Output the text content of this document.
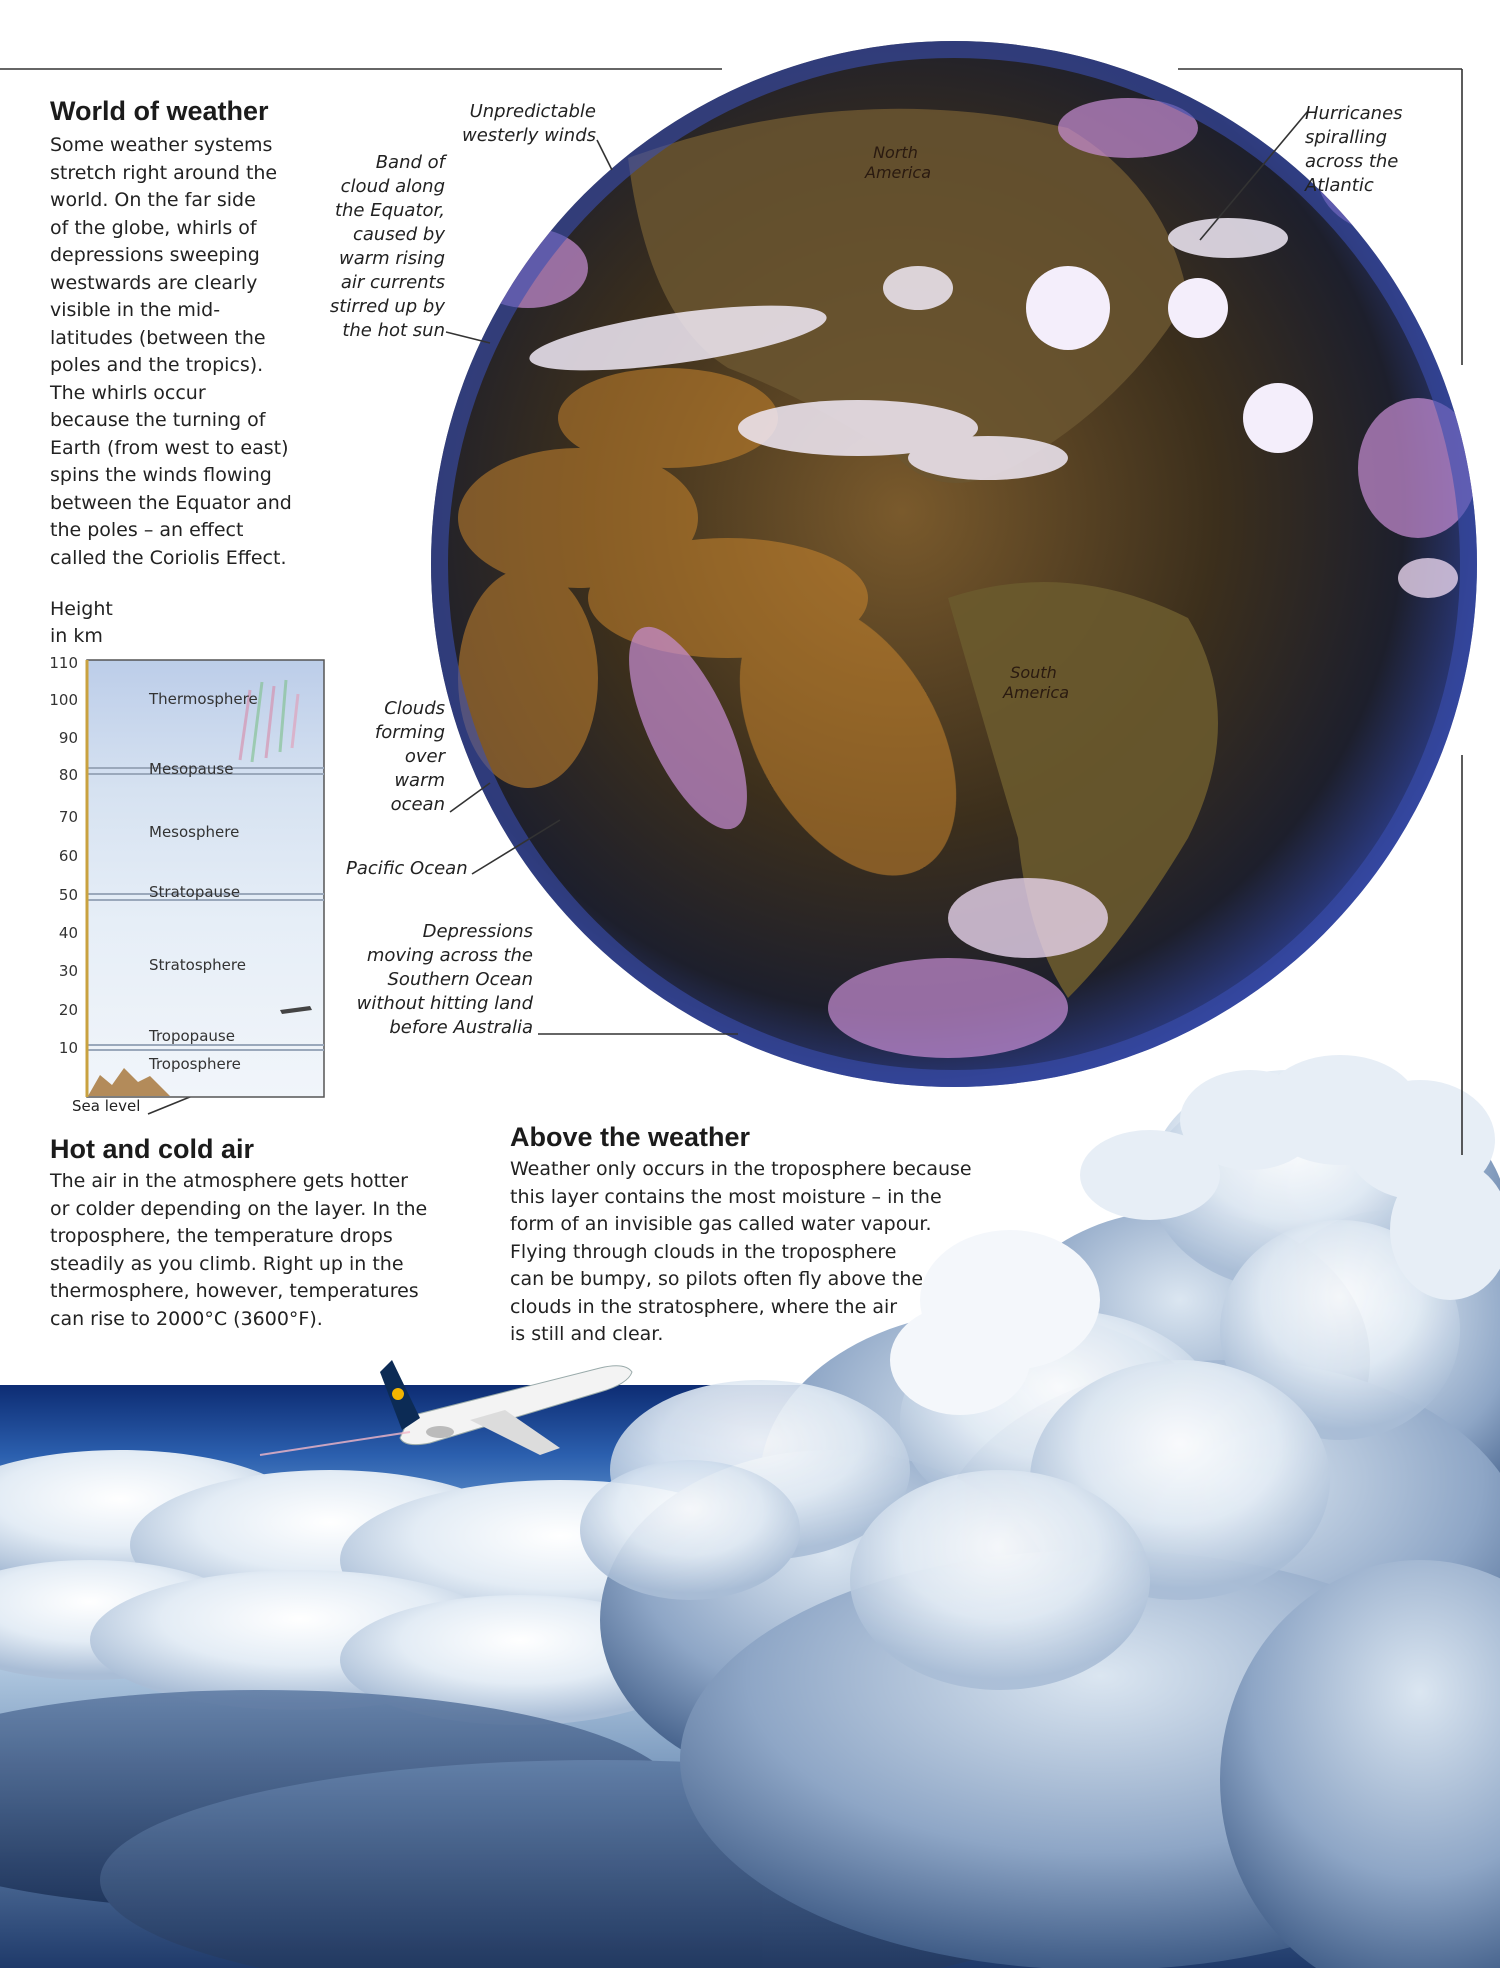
North America
South America
World of weather
Some weather systems
stretch right around the
world. On the far side
of the globe, whirls of
depressions sweeping
westwards are clearly
visible in the mid-
latitudes (between the
poles and the tropics).
The whirls occur
because the turning of
Earth (from west to east)
spins the winds flowing
between the Equator and
the poles – an effect
called the Coriolis Effect.
Unpredictable
westerly winds
Band of
cloud along
the Equator,
caused by
warm rising
air currents
stirred up by
the hot sun
Hurricanes
spiralling
across the
Atlantic
Clouds
forming
over
warm
ocean
Pacific Ocean
Depressions
moving across the
Southern Ocean
without hitting land
before Australia
Height
in km
110
100
90
80
70
60
50
40
30
20
10
Thermosphere
Mesopause
Mesosphere
Stratopause
Stratosphere
Tropopause
Troposphere
Sea level
Hot and cold air
The air in the atmosphere gets hotter
or colder depending on the layer. In the
troposphere, the temperature drops
steadily as you climb. Right up in the
thermosphere, however, temperatures
can rise to 2000°C (3600°F).
Above the weather
Weather only occurs in the troposphere because
this layer contains the most moisture – in the
form of an invisible gas called water vapour.
Flying through clouds in the troposphere
can be bumpy, so pilots often fly above the
clouds in the stratosphere, where the air
is still and clear.
